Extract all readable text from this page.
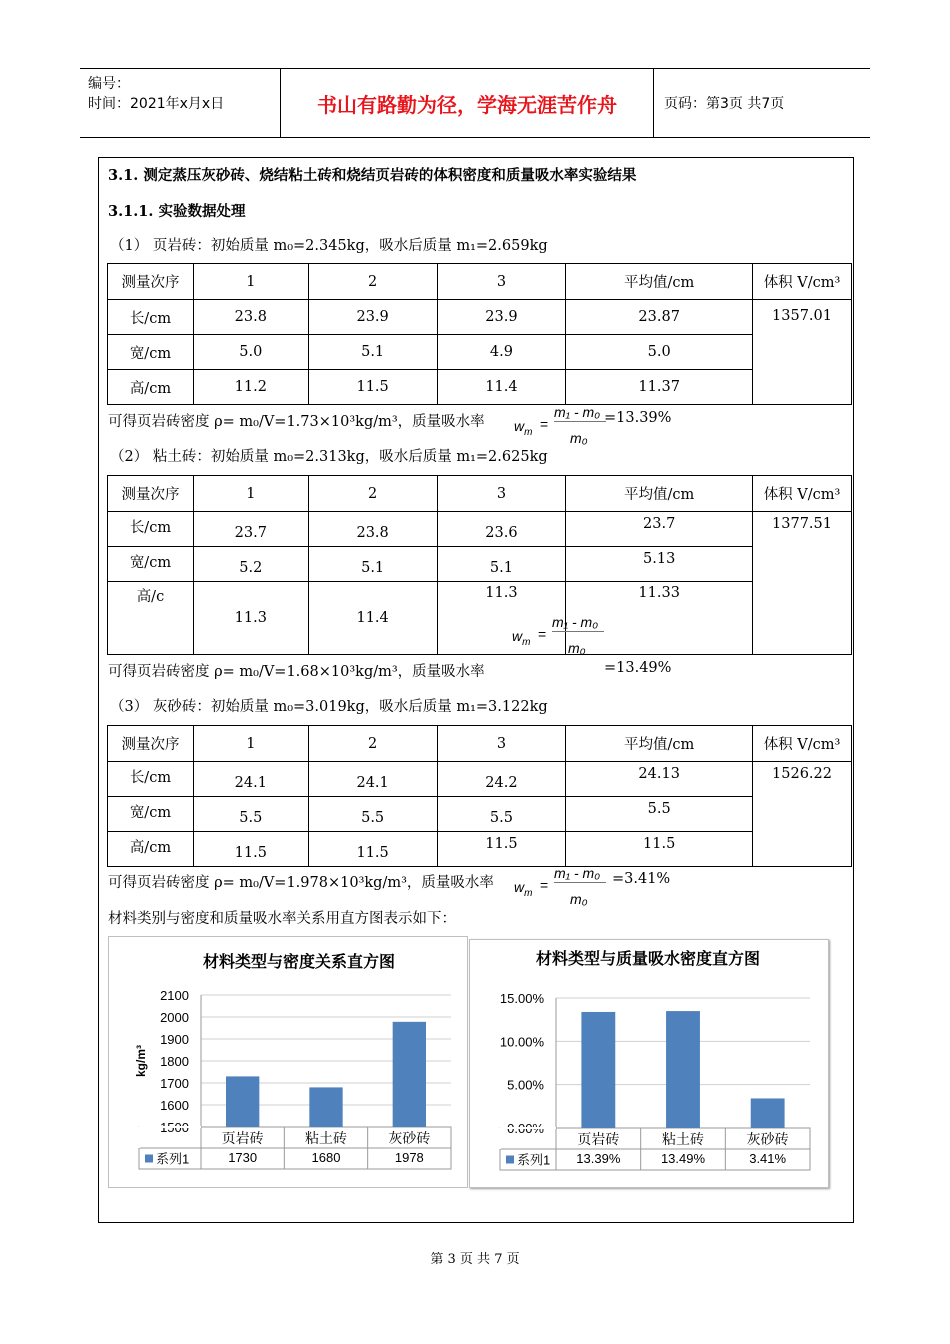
编号：
时间：2021年x月x日	书山有路勤为径，学海无涯苦作舟	页码：第3页 共7页
3.1. 测定蒸压灰砂砖、烧结粘土砖和烧结页岩砖的体积密度和质量吸水率实验结果
3.1.1. 实验数据处理
（1） 页岩砖：初始质量 m₀=2.345kg，吸水后质量 m₁=2.659kg
测量次序	1	2	3	平均值/cm	体积 V/cm³
长/cm	23.8	23.9	23.9	23.87	1357.01
宽/cm	5.0	5.1	4.9	5.0	
高/cm	11.2	11.5	11.4	11.37	
可得页岩砖密度 ρ= m₀/V=1.73×10³kg/m³，质量吸水率 $w_m$
=
m₁ - m₀
m₀
=13.39%
（2） 粘土砖：初始质量 m₀=2.313kg，吸水后质量 m₁=2.625kg
测量次序	1	2	3	平均值/cm	体积 V/cm³
长/cm	23.7	23.8	23.6	23.7	1377.51
宽/cm	5.2	5.1	5.1	5.13	
高/c	11.3	11.4	11.3	11.33	
$w_m$
=
m₁ - m₀
m₀
可得页岩砖密度 ρ= m₀/V=1.68×10³kg/m³，质量吸水率	=13.49%
（3） 灰砂砖：初始质量 m₀=3.019kg，吸水后质量 m₁=3.122kg
测量次序	1	2	3	平均值/cm	体积 V/cm³
长/cm	24.1	24.1	24.2	24.13	1526.22
宽/cm	5.5	5.5	5.5	5.5	
高/cm	11.5	11.5	11.5	11.5	
可得页岩砖密度 ρ= m₀/V=1.978×10³kg/m³，质量吸水率 $w_m$
=
m₁ - m₀
m₀
=3.41%
材料类别与密度和质量吸水率关系用直方图表示如下：
材料类型与密度关系直方图
1500
1600
1700
1800
1900
2000
2100
kg/m³
系列1
页岩砖
1730
粘土砖
1680
灰砂砖
1978
材料类型与质量吸水密度直方图
0.00%
5.00%
10.00%
15.00%
系列1
页岩砖
13.39%
粘土砖
13.49%
灰砂砖
3.41%
第 3 页 共 7 页
